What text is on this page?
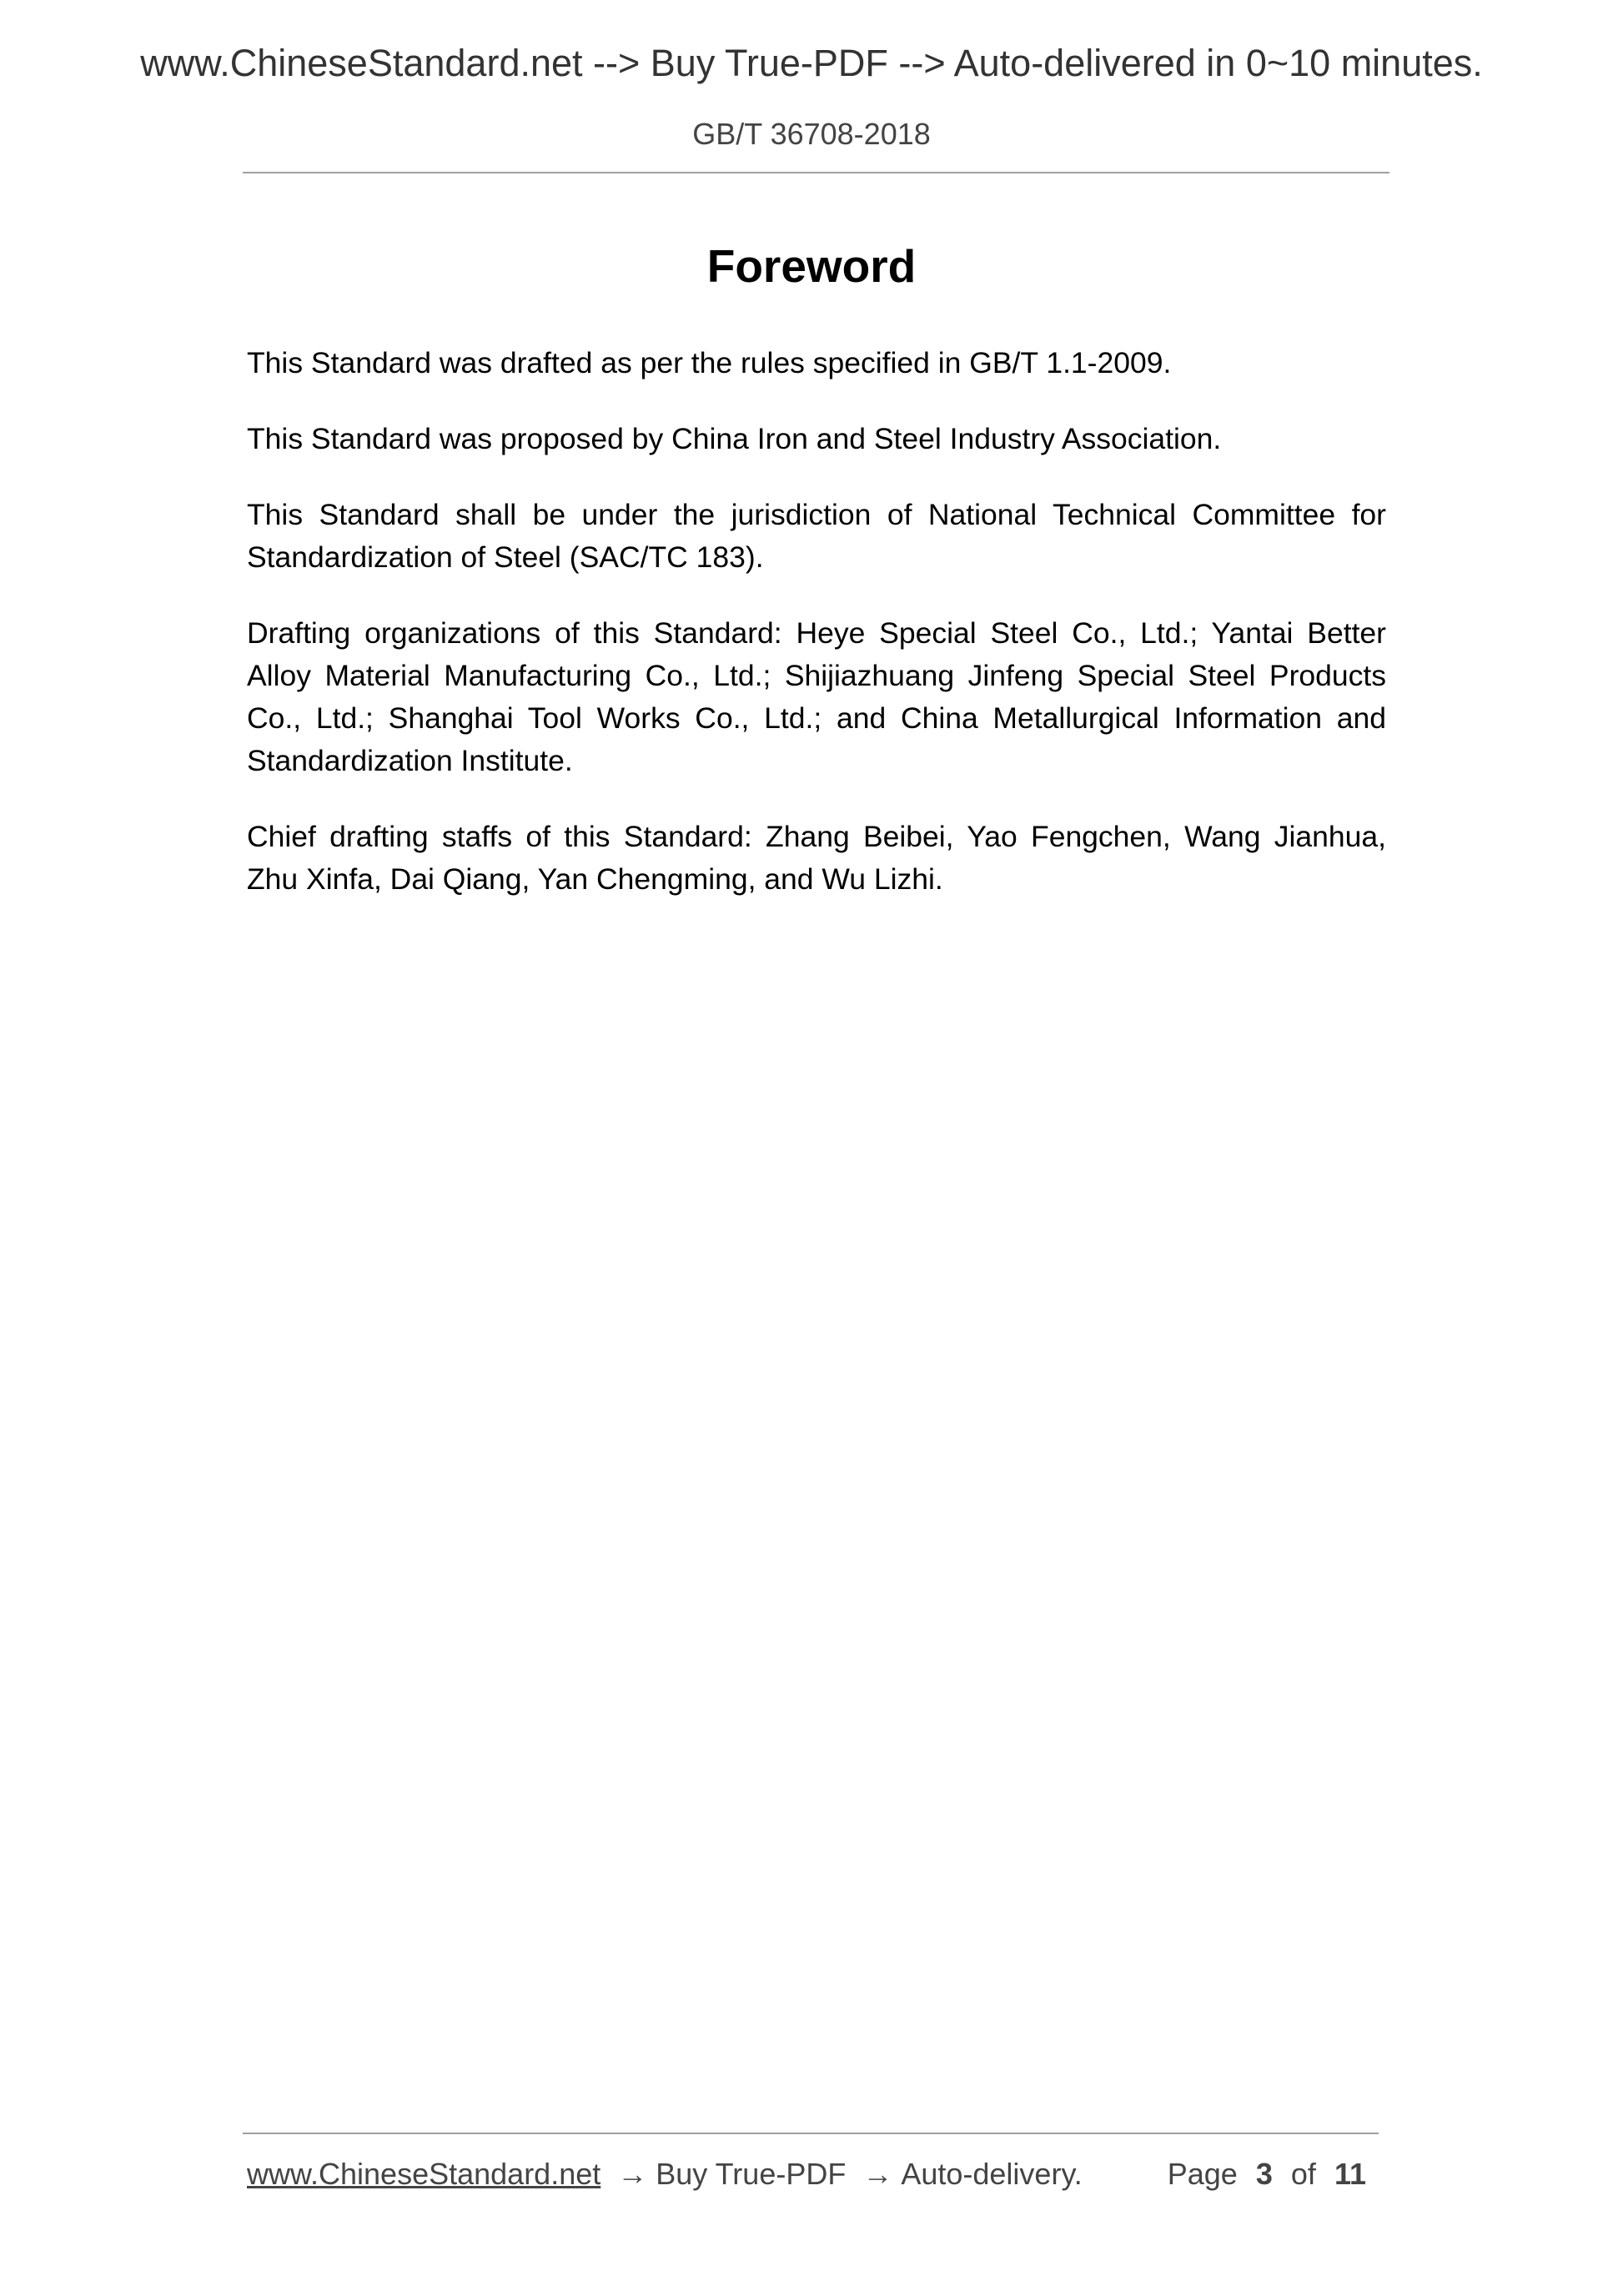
www.ChineseStandard.net --> Buy True-PDF --> Auto-delivered in 0~10 minutes.
GB/T 36708-2018
Foreword

This Standard was drafted as per the rules specified in GB/T 1.1-2009.

This Standard was proposed by China Iron and Steel Industry Association.

This Standard shall be under the jurisdiction of National Technical Committee for Standardization of Steel (SAC/TC 183).

Drafting organizations of this Standard: Heye Special Steel Co., Ltd.; Yantai Better Alloy Material Manufacturing Co., Ltd.; Shijiazhuang Jinfeng Special Steel Products Co., Ltd.; Shanghai Tool Works Co., Ltd.; and China Metallurgical Information and Standardization Institute.

Chief drafting staffs of this Standard: Zhang Beibei, Yao Fengchen, Wang Jianhua, Zhu Xinfa, Dai Qiang, Yan Chengming, and Wu Lizhi.

www.ChineseStandard.net → Buy True-PDF → Auto-delivery.	Page 3 of 11
